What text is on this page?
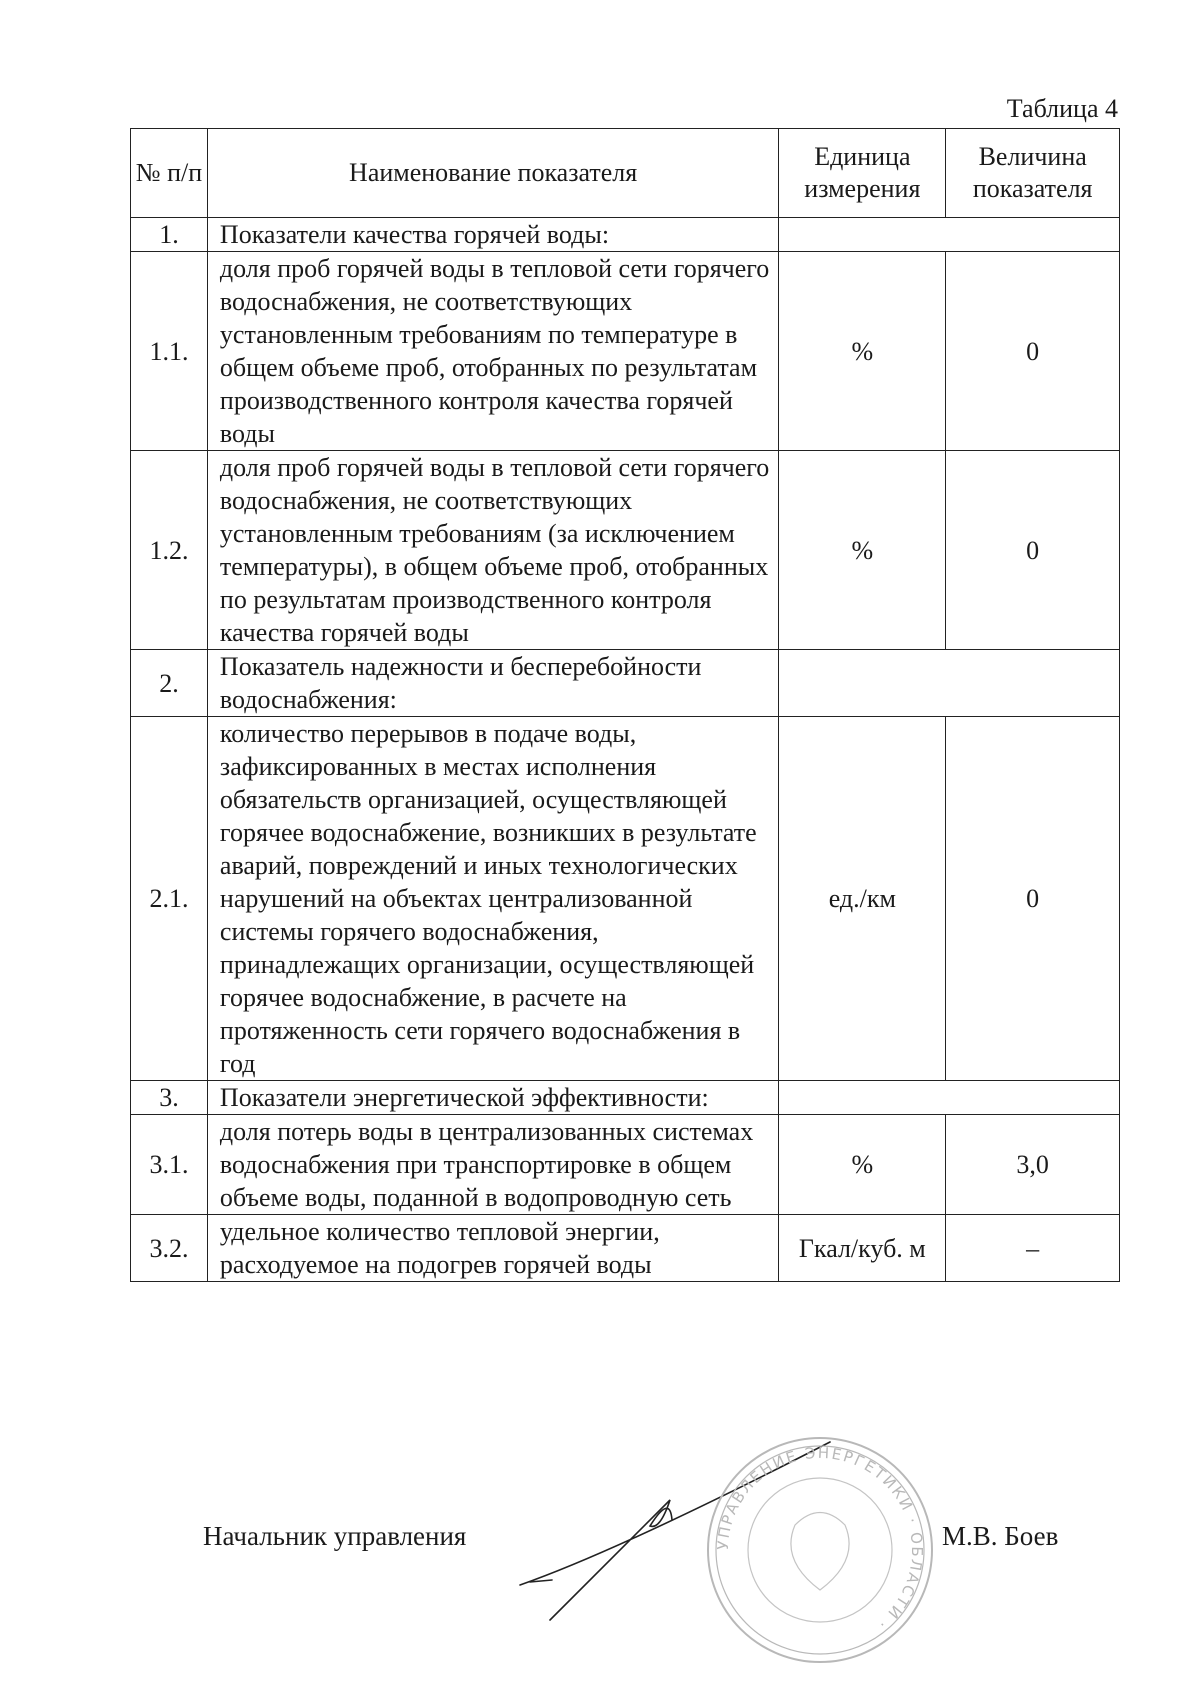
Таблица 4
№ п/п	Наименование показателя	Единица измерения	Величина показателя
1.	Показатели качества горячей воды:		
1.1.	доля проб горячей воды в тепловой сети горячего водоснабжения, не соответствующих установленным требованиям по температуре в общем объеме проб, отобранных по результатам производственного контроля качества горячей воды	%	0
1.2.	доля проб горячей воды в тепловой сети горячего водоснабжения, не соответствующих установленным требованиям (за исключением температуры), в общем объеме проб, отобранных по результатам производственного контроля качества горячей воды	%	0
2.	Показатель надежности и бесперебойности водоснабжения:		
2.1.	количество перерывов в подаче воды, зафиксированных в местах исполнения обязательств организацией, осуществляющей горячее водоснабжение, возникших в результате аварий, повреждений и иных технологических нарушений на объектах централизованной системы горячего водоснабжения, принадлежащих организации, осуществляющей горячее водоснабжение, в расчете на протяженность сети горячего водоснабжения в год	ед./км	0
3.	Показатели энергетической эффективности:		
3.1.	доля потерь воды в централизованных системах водоснабжения при транспортировке в общем объеме воды, поданной в водопроводную сеть	%	3,0
3.2.	удельное количество тепловой энергии, расходуемое на подогрев горячей воды	Гкал/куб. м	–
Начальник управления	УПРАВЛЕНИЕ ЭНЕРГЕТИКИ · ОБЛАСТИ ·
М.В. Боев
